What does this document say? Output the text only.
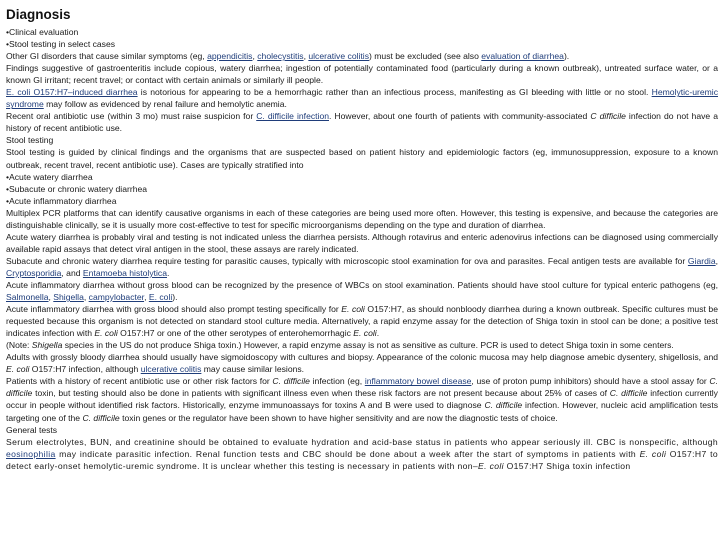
Diagnosis
•Clinical evaluation
•Stool testing in select cases
Other GI disorders that cause similar symptoms (eg, appendicitis, cholecystitis, ulcerative colitis) must be excluded (see also evaluation of diarrhea).
Findings suggestive of gastroenteritis include copious, watery diarrhea; ingestion of potentially contaminated food (particularly during a known outbreak), untreated surface water, or a known GI irritant; recent travel; or contact with certain animals or similarly ill people.
E. coli O157:H7–induced diarrhea is notorious for appearing to be a hemorrhagic rather than an infectious process, manifesting as GI bleeding with little or no stool. Hemolytic-uremic syndrome may follow as evidenced by renal failure and hemolytic anemia.
Recent oral antibiotic use (within 3 mo) must raise suspicion for C. difficile infection. However, about one fourth of patients with community-associated C difficile infection do not have a history of recent antibiotic use.
Stool testing
Stool testing is guided by clinical findings and the organisms that are suspected based on patient history and epidemiologic factors (eg, immunosuppression, exposure to a known outbreak, recent travel, recent antibiotic use). Cases are typically stratified into
•Acute watery diarrhea
•Subacute or chronic watery diarrhea
•Acute inflammatory diarrhea
Multiplex PCR platforms that can identify causative organisms in each of these categories are being used more often. However, this testing is expensive, and because the categories are distinguishable clinically, se it is usually more cost-effective to test for specific microorganisms depending on the type and duration of diarrhea.
Acute watery diarrhea is probably viral and testing is not indicated unless the diarrhea persists. Although rotavirus and enteric adenovirus infections can be diagnosed using commercially available rapid assays that detect viral antigen in the stool, these assays are rarely indicated.
Subacute and chronic watery diarrhea require testing for parasitic causes, typically with microscopic stool examination for ova and parasites. Fecal antigen tests are available for Giardia, Cryptosporidia, and Entamoeba histolytica.
Acute inflammatory diarrhea without gross blood can be recognized by the presence of WBCs on stool examination. Patients should have stool culture for typical enteric pathogens (eg, Salmonella, Shigella, campylobacter, E. coli).
Acute inflammatory diarrhea with gross blood should also prompt testing specifically for E. coli O157:H7, as should nonbloody diarrhea during a known outbreak. Specific cultures must be requested because this organism is not detected on standard stool culture media. Alternatively, a rapid enzyme assay for the detection of Shiga toxin in stool can be done; a positive test indicates infection with E. coli O157:H7 or one of the other serotypes of enterohemorrhagic E. coli.
(Note: Shigella species in the US do not produce Shiga toxin.) However, a rapid enzyme assay is not as sensitive as culture. PCR is used to detect Shiga toxin in some centers.
Adults with grossly bloody diarrhea should usually have sigmoidoscopy with cultures and biopsy. Appearance of the colonic mucosa may help diagnose amebic dysentery, shigellosis, and E. coli O157:H7 infection, although ulcerative colitis may cause similar lesions.
Patients with a history of recent antibiotic use or other risk factors for C. difficile infection (eg, inflammatory bowel disease, use of proton pump inhibitors) should have a stool assay for C. difficile toxin, but testing should also be done in patients with significant illness even when these risk factors are not present because about 25% of cases of C. difficile infection currently occur in people without identified risk factors. Historically, enzyme immunoassays for toxins A and B were used to diagnose C. difficile infection. However, nucleic acid amplification tests targeting one of the C. difficile toxin genes or the regulator have been shown to have higher sensitivity and are now the diagnostic tests of choice.
General tests
Serum electrolytes, BUN, and creatinine should be obtained to evaluate hydration and acid-base status in patients who appear seriously ill. CBC is nonspecific, although eosinophilia may indicate parasitic infection. Renal function tests and CBC should be done about a week after the start of symptoms in patients with E. coli O157:H7 to detect early-onset hemolytic-uremic syndrome. It is unclear whether this testing is necessary in patients with non–E. coli O157:H7 Shiga toxin infection
